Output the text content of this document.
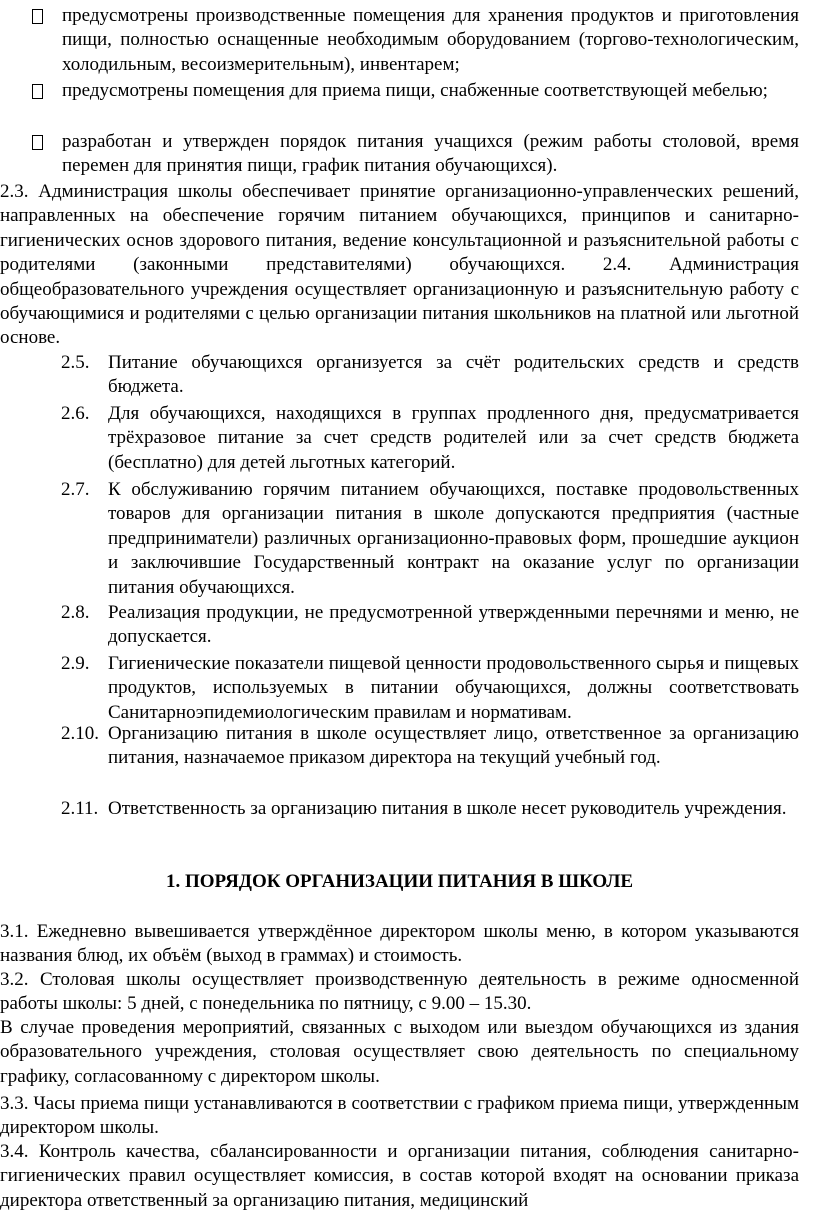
предусмотрены производственные помещения для хранения продуктов и приготовления пищи, полностью оснащенные необходимым оборудованием (торгово-технологическим, холодильным, весоизмерительным), инвентарем;

предусмотрены помещения для приема пищи, снабженные соответствующей мебелью;

разработан и утвержден порядок питания учащихся (режим работы столовой, время перемен для принятия пищи, график питания обучающихся).

2.3. Администрация школы обеспечивает принятие организационно-управленческих решений, направленных на обеспечение горячим питанием обучающихся, принципов и санитарно-гигиенических основ здорового питания, ведение консультационной и разъяснительной работы с родителями (законными представителями) обучающихся. 2.4. Администрация общеобразовательного учреждения осуществляет организационную и разъяснительную работу с обучающимися и родителями с целью организации питания школьников на платной или льготной основе.

2.5. Питание обучающихся организуется за счёт родительских средств и средств бюджета.

2.6. Для обучающихся, находящихся в группах продленного дня, предусматривается трёхразовое питание за счет средств родителей или за счет средств бюджета (бесплатно) для детей льготных категорий.

2.7. К обслуживанию горячим питанием обучающихся, поставке продовольственных товаров для организации питания в школе допускаются предприятия (частные предприниматели) различных организационно-правовых форм, прошедшие аукцион и заключившие Государственный контракт на оказание услуг по организации питания обучающихся.

2.8. Реализация продукции, не предусмотренной утвержденными перечнями и меню, не допускается.

2.9. Гигиенические показатели пищевой ценности продовольственного сырья и пищевых продуктов, используемых в питании обучающихся, должны соответствовать Санитарноэпидемиологическим правилам и нормативам.

2.10. Организацию питания в школе осуществляет лицо, ответственное за организацию питания, назначаемое приказом директора на текущий учебный год.

2.11. Ответственность за организацию питания в школе несет руководитель учреждения.

1. ПОРЯДОК ОРГАНИЗАЦИИ ПИТАНИЯ В ШКОЛЕ

3.1. Ежедневно вывешивается утверждённое директором школы меню, в котором указываются названия блюд, их объём (выход в граммах) и стоимость.

3.2. Столовая школы осуществляет производственную деятельность в режиме односменной работы школы: 5 дней, с понедельника по пятницу, с 9.00 – 15.30.

В случае проведения мероприятий, связанных с выходом или выездом обучающихся из здания образовательного учреждения, столовая осуществляет свою деятельность по специальному графику, согласованному с директором школы.

3.3. Часы приема пищи устанавливаются в соответствии с графиком приема пищи, утвержденным директором школы.

3.4. Контроль качества, сбалансированности и организации питания, соблюдения санитарно-гигиенических правил осуществляет комиссия, в состав которой входят на основании приказа директора ответственный за организацию питания, медицинский
